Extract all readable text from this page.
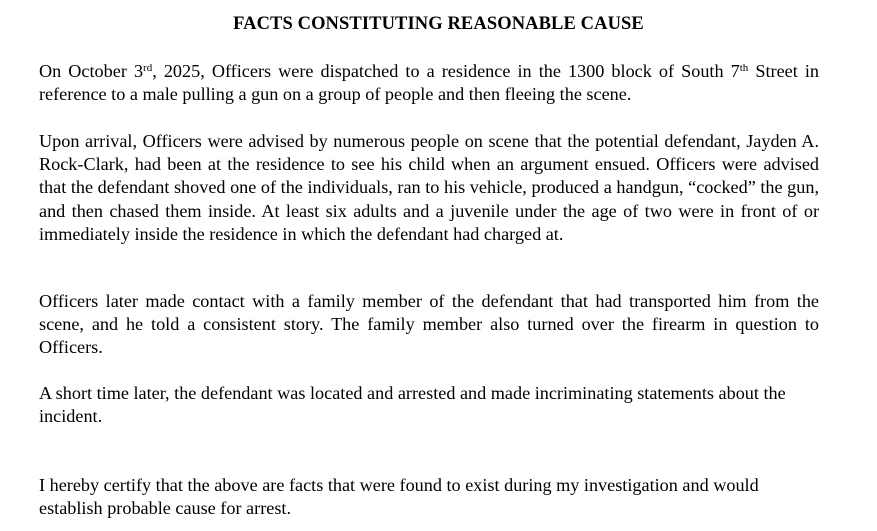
FACTS CONSTITUTING REASONABLE CAUSE

On October 3rd, 2025, Officers were dispatched to a residence in the 1300 block of South 7th Street in reference to a male pulling a gun on a group of people and then fleeing the scene.

Upon arrival, Officers were advised by numerous people on scene that the potential defendant, Jayden A. Rock-Clark, had been at the residence to see his child when an argument ensued. Officers were advised that the defendant shoved one of the individuals, ran to his vehicle, produced a handgun, “cocked” the gun, and then chased them inside. At least six adults and a juvenile under the age of two were in front of or immediately inside the residence in which the defendant had charged at.

Officers later made contact with a family member of the defendant that had transported him from the scene, and he told a consistent story. The family member also turned over the firearm in question to Officers.

A short time later, the defendant was located and arrested and made incriminating statements about the incident.

I hereby certify that the above are facts that were found to exist during my investigation and would establish probable cause for arrest.
